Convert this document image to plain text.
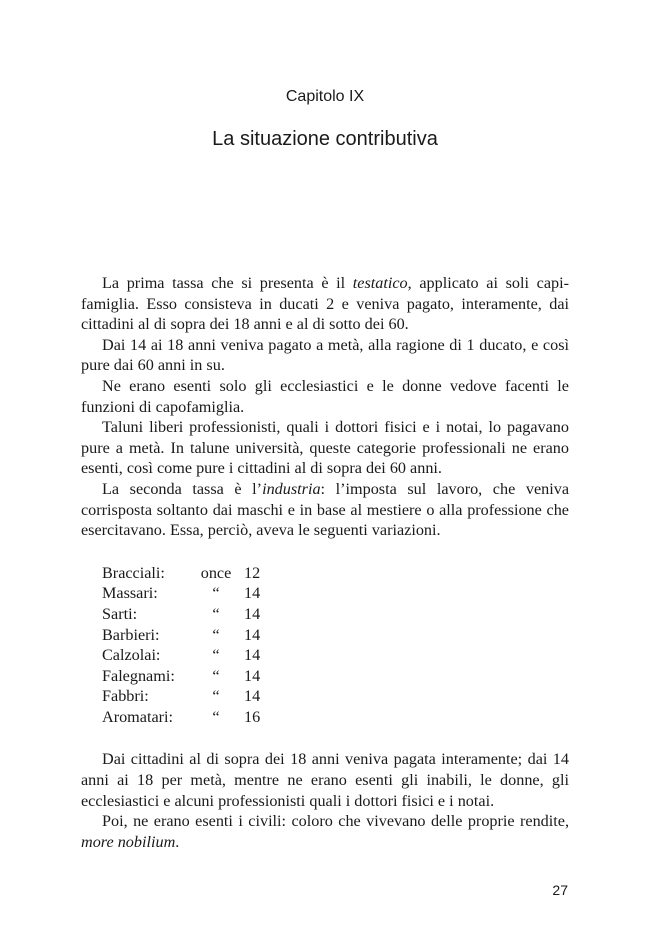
Capitolo IX
La situazione contributiva

La prima tassa che si presenta è il testatico, applicato ai soli capi-famiglia. Esso consisteva in ducati 2 e veniva pagato, interamente, dai cittadini al di sopra dei 18 anni e al di sotto dei 60.

Dai 14 ai 18 anni veniva pagato a metà, alla ragione di 1 ducato, e così pure dai 60 anni in su.

Ne erano esenti solo gli ecclesiastici e le donne vedove facenti le funzioni di capofamiglia.

Taluni liberi professionisti, quali i dottori fisici e i notai, lo pagavano pure a metà. In talune università, queste categorie professionali ne erano esenti, così come pure i cittadini al di sopra dei 60 anni.

La seconda tassa è l’industria: l’imposta sul lavoro, che veniva corrisposta soltanto dai maschi e in base al mestiere o alla professione che esercitavano. Essa, perciò, aveva le seguenti variazioni.

Bracciali:	once	12
Massari:	“	14
Sarti:	“	14
Barbieri:	“	14
Calzolai:	“	14
Falegnami:	“	14
Fabbri:	“	14
Aromatari:	“	16

Dai cittadini al di sopra dei 18 anni veniva pagata interamente; dai 14 anni ai 18 per metà, mentre ne erano esenti gli inabili, le donne, gli ecclesiastici e alcuni professionisti quali i dottori fisici e i notai.

Poi, ne erano esenti i civili: coloro che vivevano delle proprie rendite, more nobilium.

27
